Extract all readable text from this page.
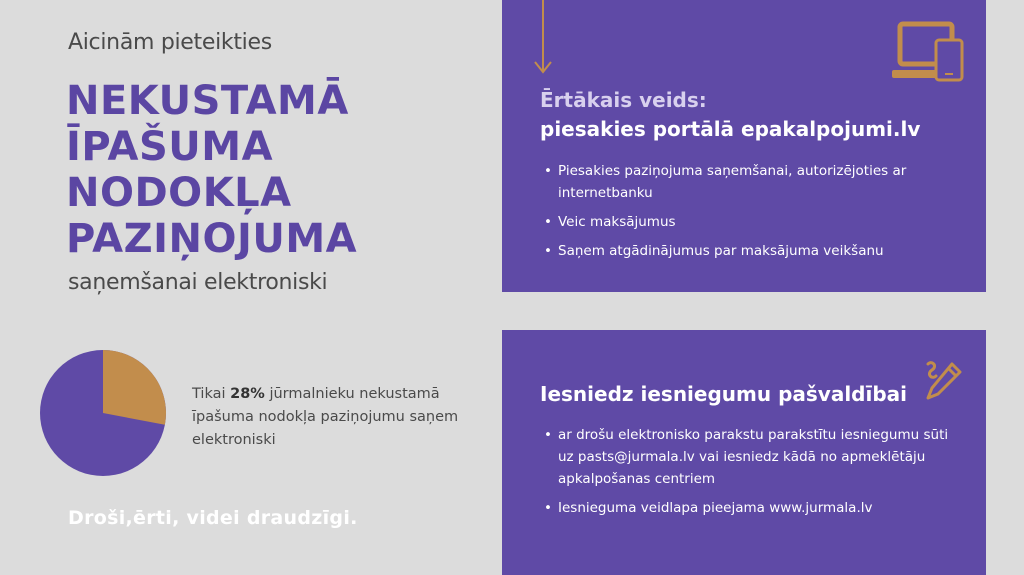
Aicinām pieteikties
NEKUSTAMĀ
ĪPAŠUMA
NODOKĻA
PAZIŅOJUMA
saņemšanai elektroniski
Tikai 28% jūrmalnieku nekustamā īpašuma nodokļa paziņojumu saņem elektroniski
Droši,ērti, videi draudzīgi.
Ērtākais veids:
piesakies portālā epakalpojumi.lv
• Piesakies paziņojuma saņemšanai, autorizējoties ar internetbanku
• Veic maksājumus
• Saņem atgādinājumus par maksājuma veikšanu
Iesniedz iesniegumu pašvaldībai
• ar drošu elektronisko parakstu parakstītu iesniegumu sūti uz pasts@jurmala.lv vai iesniedz kādā no apmeklētāju apkalpošanas centriem
• Iesnieguma veidlapa pieejama www.jurmala.lv
